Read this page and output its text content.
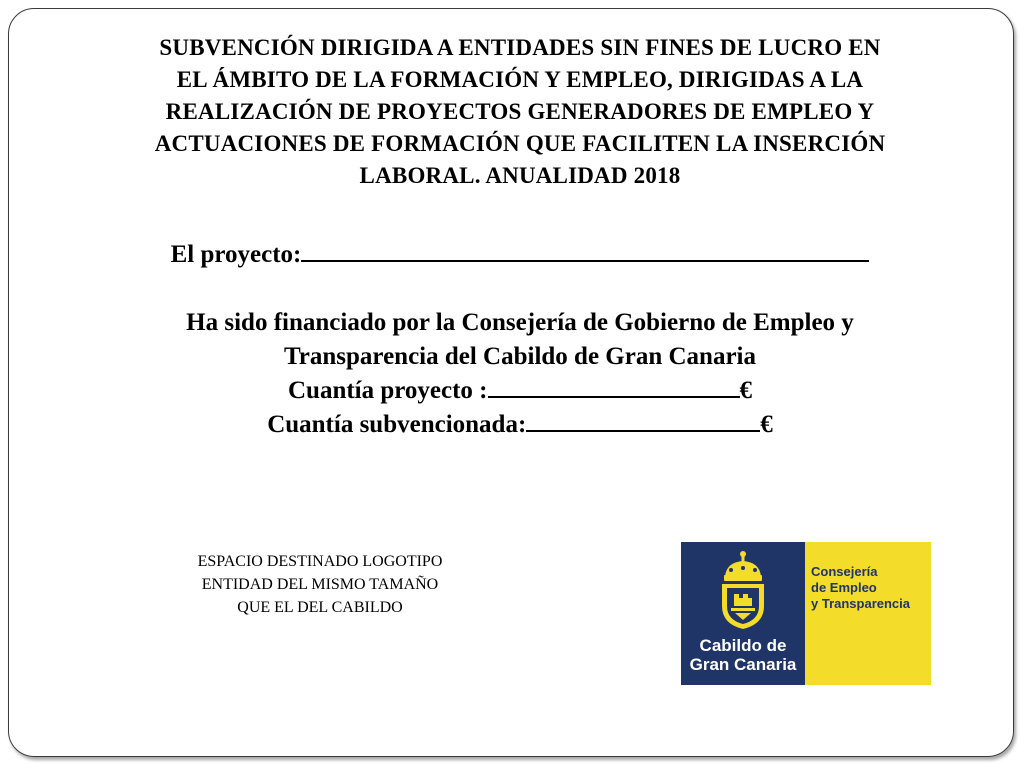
SUBVENCIÓN DIRIGIDA A ENTIDADES SIN FINES DE LUCRO EN
EL ÁMBITO DE LA FORMACIÓN Y EMPLEO, DIRIGIDAS A LA
REALIZACIÓN DE PROYECTOS GENERADORES DE EMPLEO Y
ACTUACIONES DE FORMACIÓN QUE FACILITEN LA INSERCIÓN
LABORAL. ANUALIDAD 2018
El proyecto:

Ha sido financiado por la Consejería de Gobierno de Empleo y

Transparencia del Cabildo de Gran Canaria

Cuantía proyecto :	€

Cuantía subvencionada:	€

ESPACIO DESTINADO LOGOTIPO
ENTIDAD DEL MISMO TAMAÑO
QUE EL DEL CABILDO
Cabildo de
Gran Canaria
Consejería
de Empleo
y Transparencia
